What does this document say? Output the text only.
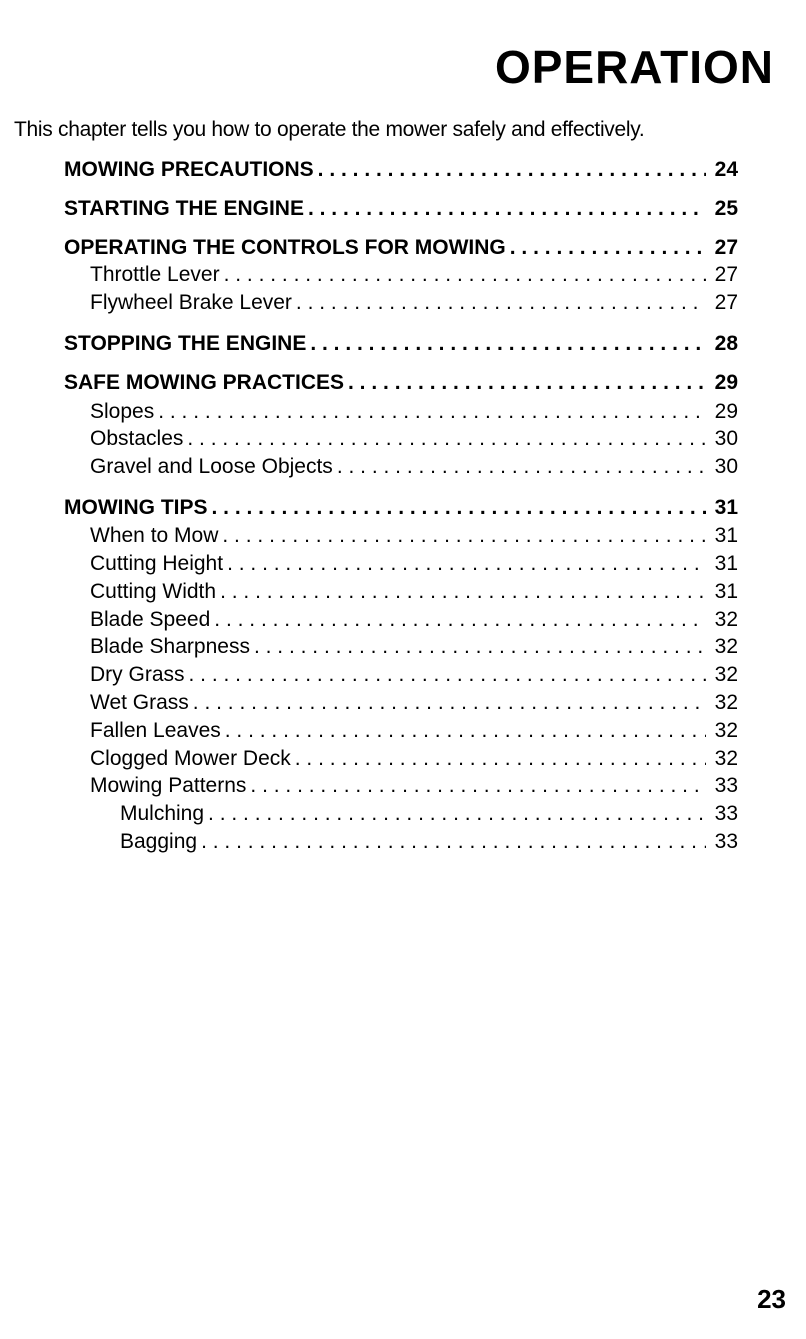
OPERATION
This chapter tells you how to operate the mower safely and effectively.
MOWING PRECAUTIONS . . .	24
STARTING THE ENGINE . . .	25
OPERATING THE CONTROLS FOR MOWING . . .	27
Throttle Lever . . .	27
Flywheel Brake Lever . . .	27
STOPPING THE ENGINE . . .	28
SAFE MOWING PRACTICES . . .	29
Slopes . . .	29
Obstacles . . .	30
Gravel and Loose Objects . . .	30
MOWING TIPS . . .	31
When to Mow . . .	31
Cutting Height . . .	31
Cutting Width . . .	31
Blade Speed . . .	32
Blade Sharpness . . .	32
Dry Grass . . .	32
Wet Grass . . .	32
Fallen Leaves . . .	32
Clogged Mower Deck . . .	32
Mowing Patterns . . .	33
Mulching . . .	33
Bagging . . .	33
23
